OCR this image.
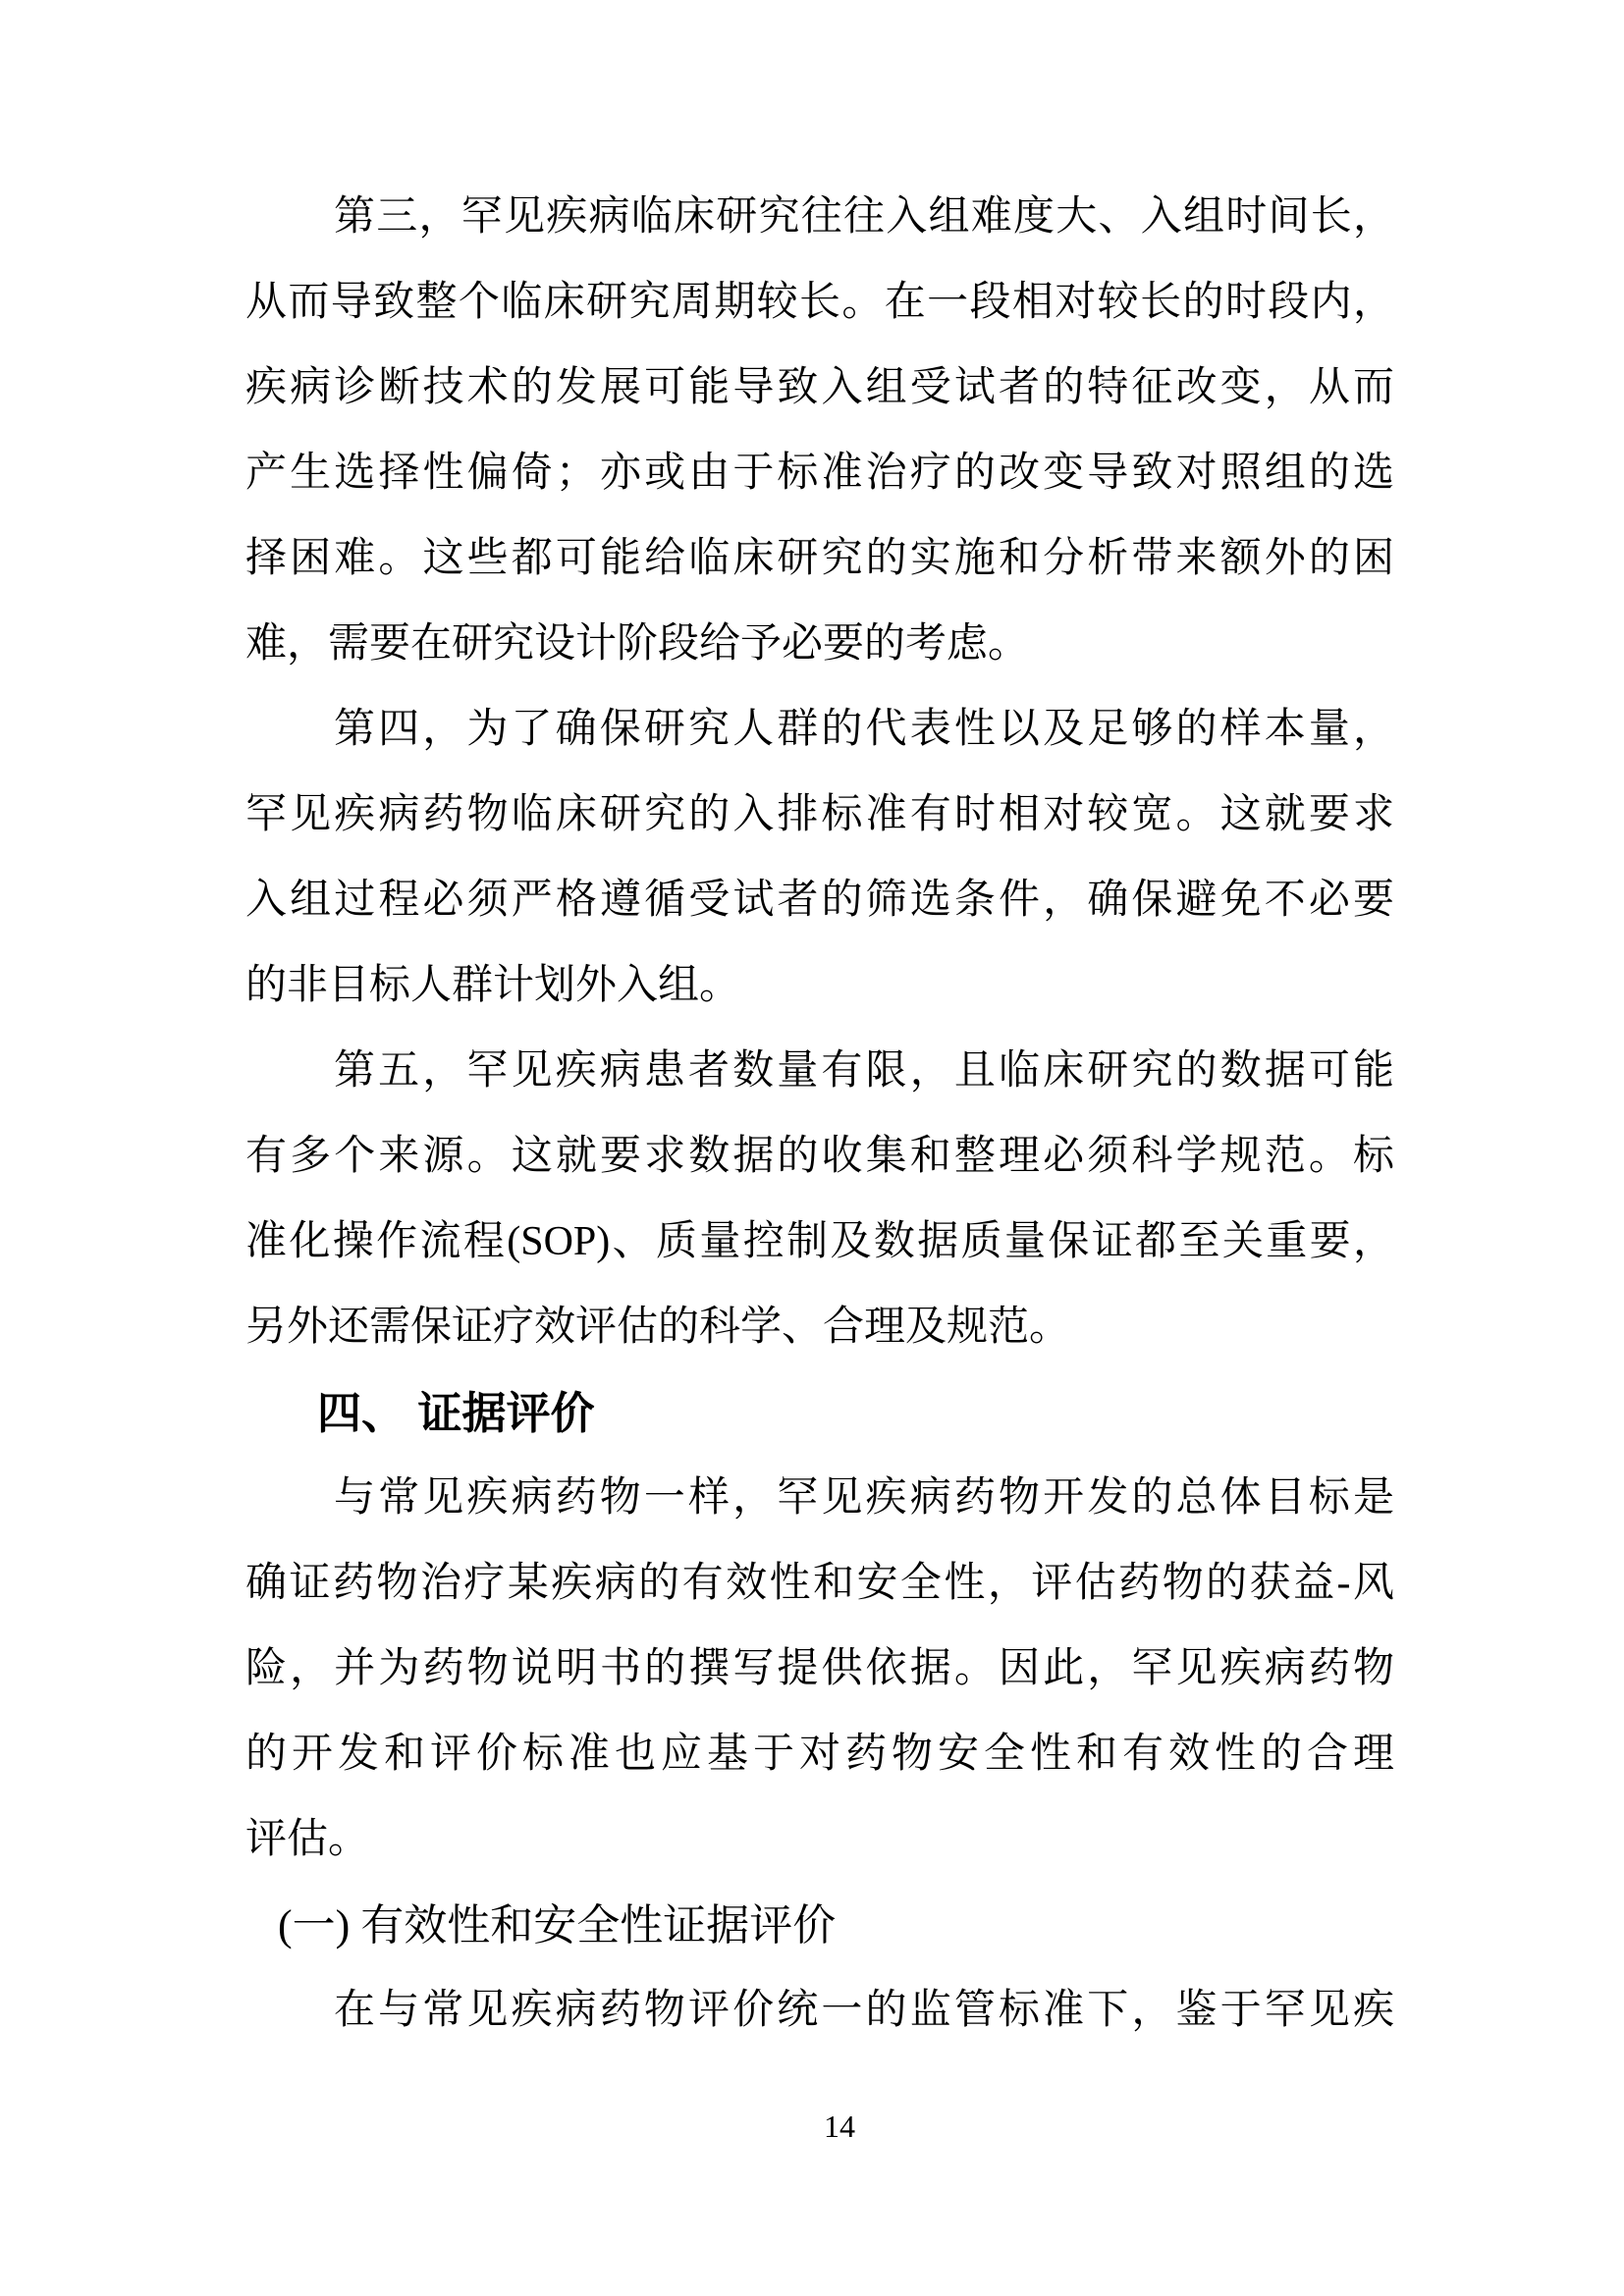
第三，罕见疾病临床研究往往入组难度大、入组时间长，
从而导致整个临床研究周期较长。在一段相对较长的时段内，
疾病诊断技术的发展可能导致入组受试者的特征改变，从而
产生选择性偏倚；亦或由于标准治疗的改变导致对照组的选
择困难。这些都可能给临床研究的实施和分析带来额外的困
难，需要在研究设计阶段给予必要的考虑。
第四，为了确保研究人群的代表性以及足够的样本量，
罕见疾病药物临床研究的入排标准有时相对较宽。这就要求
入组过程必须严格遵循受试者的筛选条件，确保避免不必要
的非目标人群计划外入组。
第五，罕见疾病患者数量有限，且临床研究的数据可能
有多个来源。这就要求数据的收集和整理必须科学规范。标
准化操作流程(SOP)、质量控制及数据质量保证都至关重要，
另外还需保证疗效评估的科学、合理及规范。
四、 证据评价
与常见疾病药物一样，罕见疾病药物开发的总体目标是
确证药物治疗某疾病的有效性和安全性，评估药物的获益-风
险，并为药物说明书的撰写提供依据。因此，罕见疾病药物
的开发和评价标准也应基于对药物安全性和有效性的合理
评估。
(一) 有效性和安全性证据评价
在与常见疾病药物评价统一的监管标准下，鉴于罕见疾
14
